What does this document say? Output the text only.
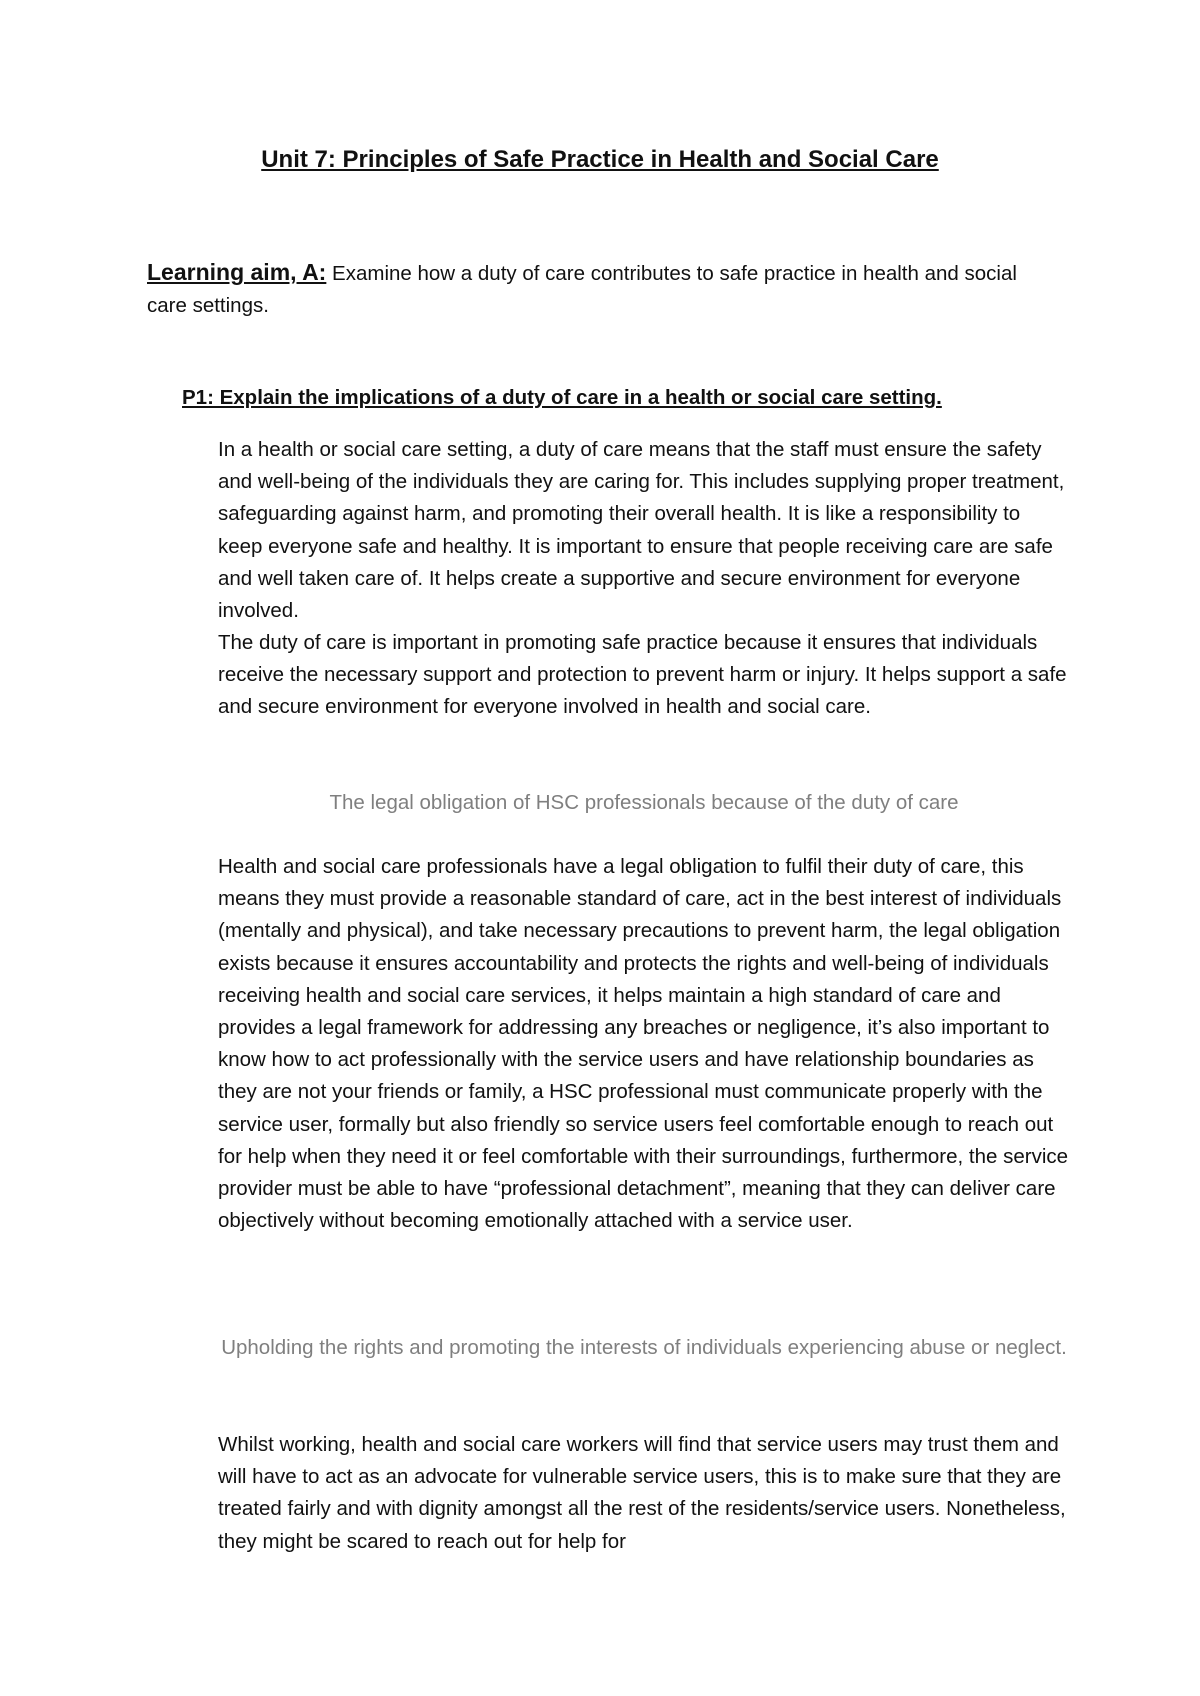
Unit 7: Principles of Safe Practice in Health and Social Care

Learning aim, A: Examine how a duty of care contributes to safe practice in health and social care settings.

P1: Explain the implications of a duty of care in a health or social care setting.

In a health or social care setting, a duty of care means that the staff must ensure the safety and well-being of the individuals they are caring for. This includes supplying proper treatment, safeguarding against harm, and promoting their overall health. It is like a responsibility to keep everyone safe and healthy. It is important to ensure that people receiving care are safe and well taken care of. It helps create a supportive and secure environment for everyone involved.

The duty of care is important in promoting safe practice because it ensures that individuals receive the necessary support and protection to prevent harm or injury. It helps support a safe and secure environment for everyone involved in health and social care.

The legal obligation of HSC professionals because of the duty of care

Health and social care professionals have a legal obligation to fulfil their duty of care, this means they must provide a reasonable standard of care, act in the best interest of individuals (mentally and physical), and take necessary precautions to prevent harm, the legal obligation exists because it ensures accountability and protects the rights and well-being of individuals receiving health and social care services, it helps maintain a high standard of care and provides a legal framework for addressing any breaches or negligence, it’s also important to know how to act professionally with the service users and have relationship boundaries as they are not your friends or family, a HSC professional must communicate properly with the service user, formally but also friendly so service users feel comfortable enough to reach out for help when they need it or feel comfortable with their surroundings, furthermore, the service provider must be able to have “professional detachment”, meaning that they can deliver care objectively without becoming emotionally attached with a service user.

Upholding the rights and promoting the interests of individuals experiencing abuse or neglect.

Whilst working, health and social care workers will find that service users may trust them and will have to act as an advocate for vulnerable service users, this is to make sure that they are treated fairly and with dignity amongst all the rest of the residents/service users. Nonetheless, they might be scared to reach out for help for
